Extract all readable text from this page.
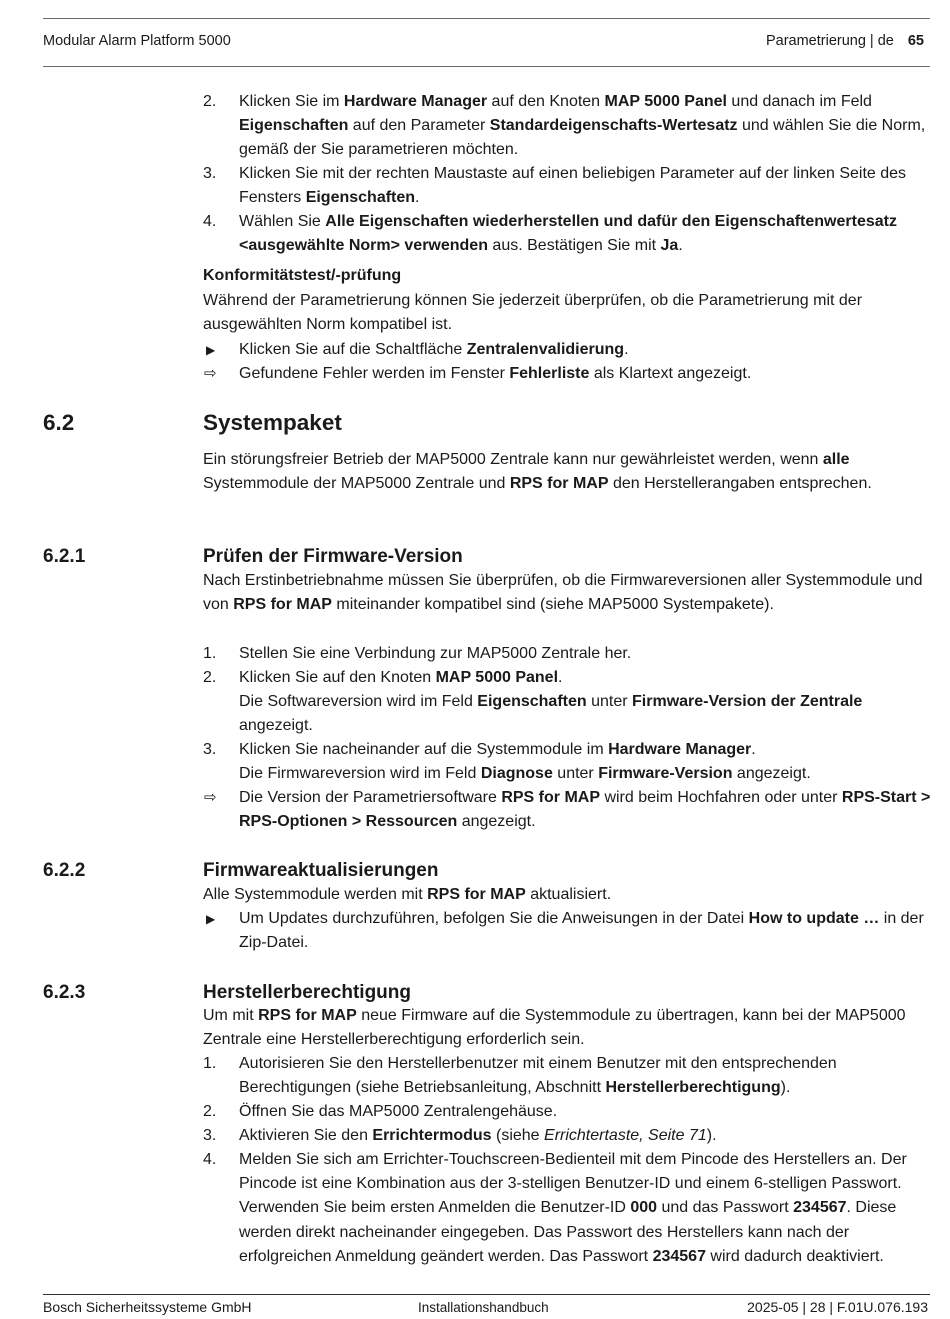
Modular Alarm Platform 5000	Parametrierung | de 65
2. Klicken Sie im Hardware Manager auf den Knoten MAP 5000 Panel und danach im Feld Eigenschaften auf den Parameter Standardeigenschafts-Wertesatz und wählen Sie die Norm, gemäß der Sie parametrieren möchten.
3. Klicken Sie mit der rechten Maustaste auf einen beliebigen Parameter auf der linken Seite des Fensters Eigenschaften.
4. Wählen Sie Alle Eigenschaften wiederherstellen und dafür den Eigenschaftenwertesatz <ausgewählte Norm> verwenden aus. Bestätigen Sie mit Ja.
Konformitätstest/-prüfung
Während der Parametrierung können Sie jederzeit überprüfen, ob die Parametrierung mit der ausgewählten Norm kompatibel ist.
▶ Klicken Sie auf die Schaltfläche Zentralenvalidierung.
⇨ Gefundene Fehler werden im Fenster Fehlerliste als Klartext angezeigt.
6.2	Systempaket
Ein störungsfreier Betrieb der MAP5000 Zentrale kann nur gewährleistet werden, wenn alle Systemmodule der MAP5000 Zentrale und RPS for MAP den Herstellerangaben entsprechen.
6.2.1	Prüfen der Firmware-Version
Nach Erstinbetriebnahme müssen Sie überprüfen, ob die Firmwareversionen aller Systemmodule und von RPS for MAP miteinander kompatibel sind (siehe MAP5000 Systempakete).
1. Stellen Sie eine Verbindung zur MAP5000 Zentrale her.
2. Klicken Sie auf den Knoten MAP 5000 Panel.
Die Softwareversion wird im Feld Eigenschaften unter Firmware-Version der Zentrale angezeigt.
3. Klicken Sie nacheinander auf die Systemmodule im Hardware Manager.
Die Firmwareversion wird im Feld Diagnose unter Firmware-Version angezeigt.
⇨ Die Version der Parametriersoftware RPS for MAP wird beim Hochfahren oder unter RPS-Start > RPS-Optionen > Ressourcen angezeigt.
6.2.2	Firmwareaktualisierungen
Alle Systemmodule werden mit RPS for MAP aktualisiert.
▶ Um Updates durchzuführen, befolgen Sie die Anweisungen in der Datei How to update … in der Zip-Datei.
6.2.3	Herstellerberechtigung
Um mit RPS for MAP neue Firmware auf die Systemmodule zu übertragen, kann bei der MAP5000 Zentrale eine Herstellerberechtigung erforderlich sein.
1. Autorisieren Sie den Herstellerbenutzer mit einem Benutzer mit den entsprechenden Berechtigungen (siehe Betriebsanleitung, Abschnitt Herstellerberechtigung).
2. Öffnen Sie das MAP5000 Zentralengehäuse.
3. Aktivieren Sie den Errichtermodus (siehe Errichtertaste, Seite 71).
4. Melden Sie sich am Errichter-Touchscreen-Bedienteil mit dem Pincode des Herstellers an. Der Pincode ist eine Kombination aus der 3-stelligen Benutzer-ID und einem 6-stelligen Passwort. Verwenden Sie beim ersten Anmelden die Benutzer-ID 000 und das Passwort 234567. Diese werden direkt nacheinander eingegeben. Das Passwort des Herstellers kann nach der erfolgreichen Anmeldung geändert werden. Das Passwort 234567 wird dadurch deaktiviert.
Bosch Sicherheitssysteme GmbH	Installationshandbuch	2025-05 | 28 | F.01U.076.193
